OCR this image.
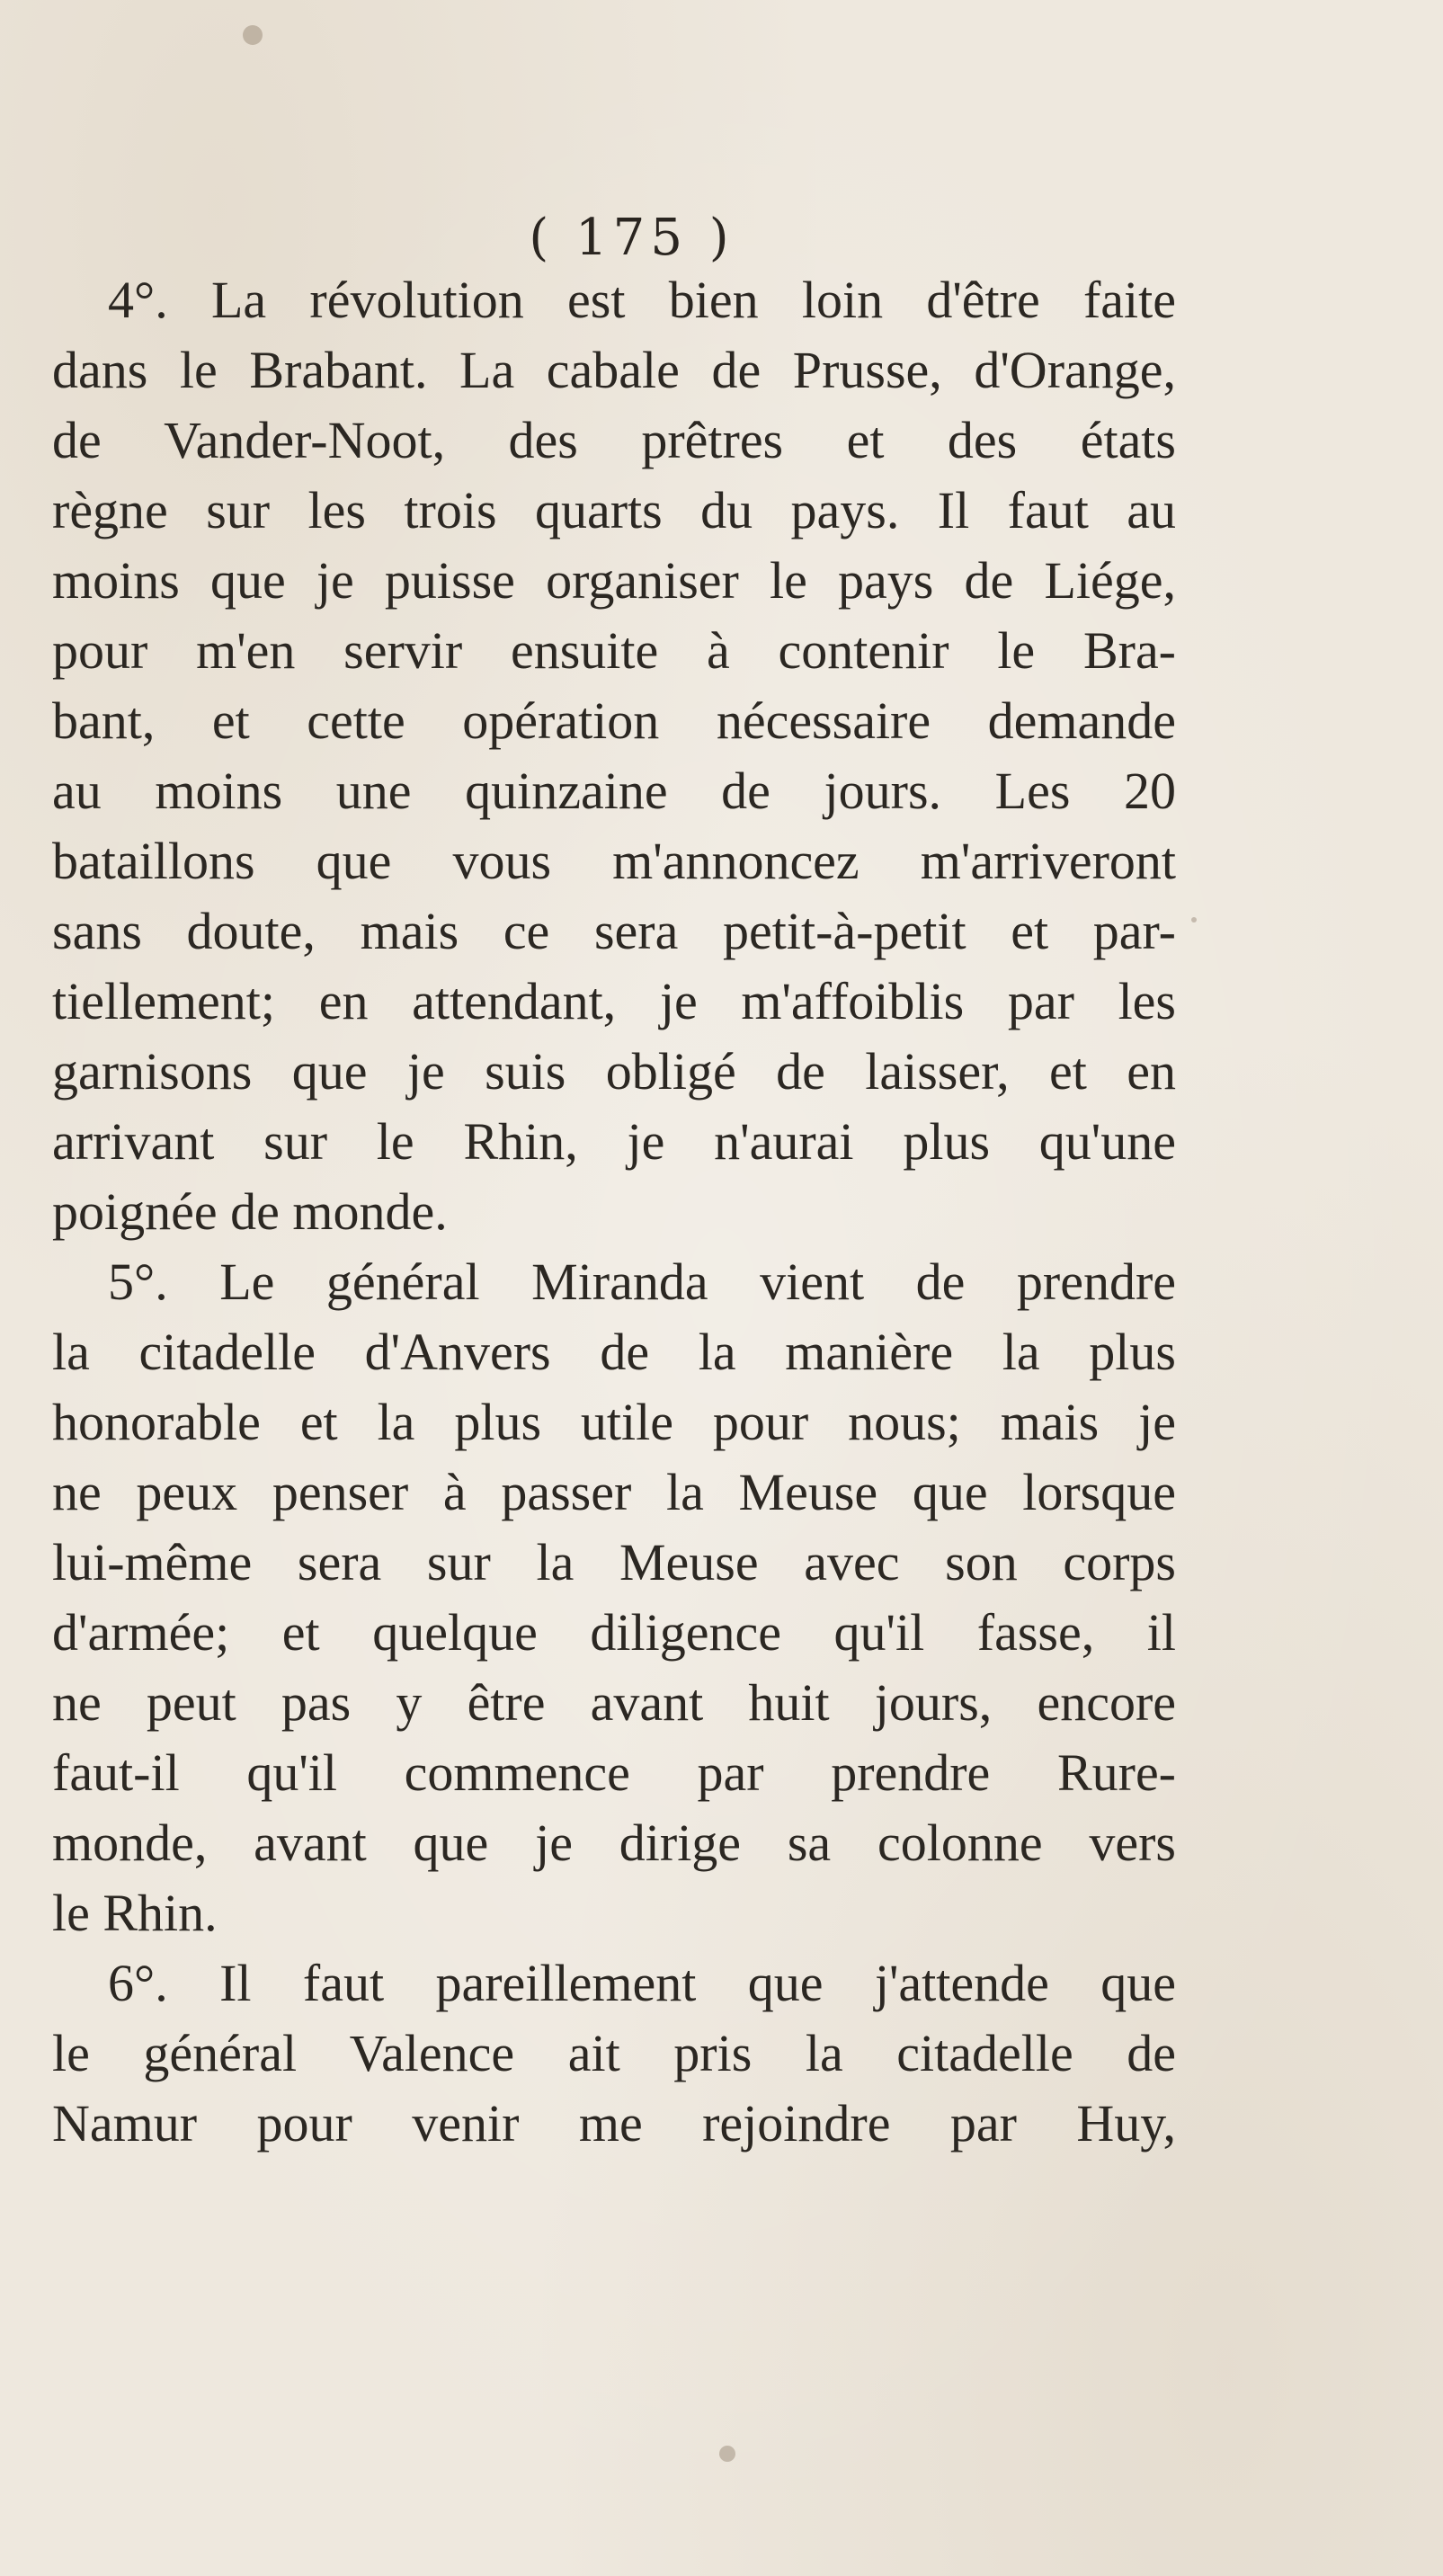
( 175 )
4°. La révolution est bien loin d'être faite
dans le Brabant. La cabale de Prusse, d'Orange,
de Vander-Noot, des prêtres et des états
règne sur les trois quarts du pays. Il faut au
moins que je puisse organiser le pays de Liége,
pour m'en servir ensuite à contenir le Bra-
bant, et cette opération nécessaire demande
au moins une quinzaine de jours. Les 20
bataillons que vous m'annoncez m'arriveront
sans doute, mais ce sera petit-à-petit et par-
tiellement; en attendant, je m'affoiblis par les
garnisons que je suis obligé de laisser, et en
arrivant sur le Rhin, je n'aurai plus qu'une
poignée de monde.
5°. Le général Miranda vient de prendre
la citadelle d'Anvers de la manière la plus
honorable et la plus utile pour nous; mais je
ne peux penser à passer la Meuse que lorsque
lui-même sera sur la Meuse avec son corps
d'armée; et quelque diligence qu'il fasse, il
ne peut pas y être avant huit jours, encore
faut-il qu'il commence par prendre Rure-
monde, avant que je dirige sa colonne vers
le Rhin.
6°. Il faut pareillement que j'attende que
le général Valence ait pris la citadelle de
Namur pour venir me rejoindre par Huy,
